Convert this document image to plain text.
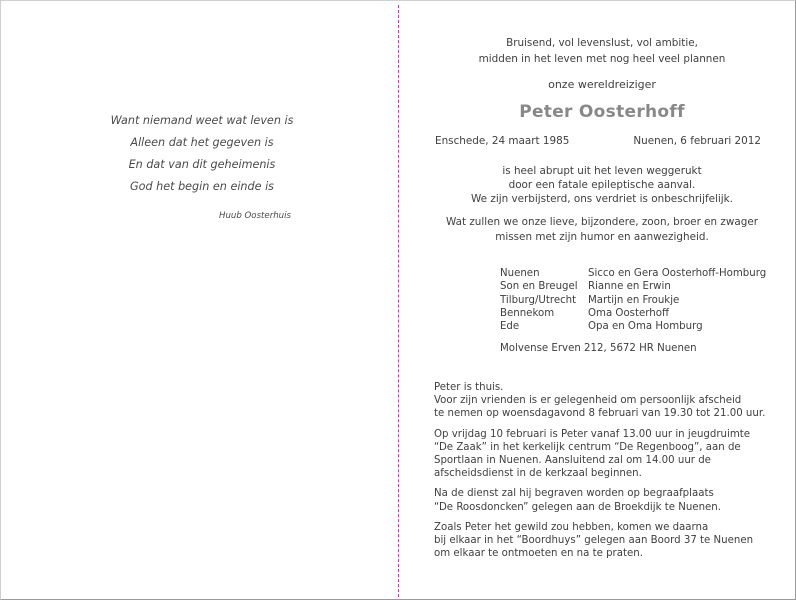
Want niemand weet wat leven is
Alleen dat het gegeven is
En dat van dit geheimenis
God het begin en einde is
Huub Oosterhuis
Bruisend, vol levenslust, vol ambitie,
midden in het leven met nog heel veel plannen
onze wereldreiziger
Peter Oosterhoff
Enschede, 24 maart 1985	Nuenen, 6 februari 2012
is heel abrupt uit het leven weggerukt
door een fatale epileptische aanval.
We zijn verbijsterd, ons verdriet is onbeschrijfelijk.
Wat zullen we onze lieve, bijzondere, zoon, broer en zwager
missen met zijn humor en aanwezigheid.
Nuenen	Sicco en Gera Oosterhoff-Homburg
Son en Breugel	Rianne en Erwin
Tilburg/Utrecht	Martijn en Froukje
Bennekom	Oma Oosterhoff
Ede	Opa en Oma Homburg
Molvense Erven 212, 5672 HR Nuenen

Peter is thuis.
Voor zijn vrienden is er gelegenheid om persoonlijk afscheid
te nemen op woensdagavond 8 februari van 19.30 tot 21.00 uur.

Op vrijdag 10 februari is Peter vanaf 13.00 uur in jeugdruimte
“De Zaak” in het kerkelijk centrum “De Regenboog”, aan de
Sportlaan in Nuenen. Aansluitend zal om 14.00 uur de
afscheidsdienst in de kerkzaal beginnen.

Na de dienst zal hij begraven worden op begraafplaats
“De Roosdoncken” gelegen aan de Broekdijk te Nuenen.

Zoals Peter het gewild zou hebben, komen we daarna
bij elkaar in het “Boordhuys” gelegen aan Boord 37 te Nuenen
om elkaar te ontmoeten en na te praten.
